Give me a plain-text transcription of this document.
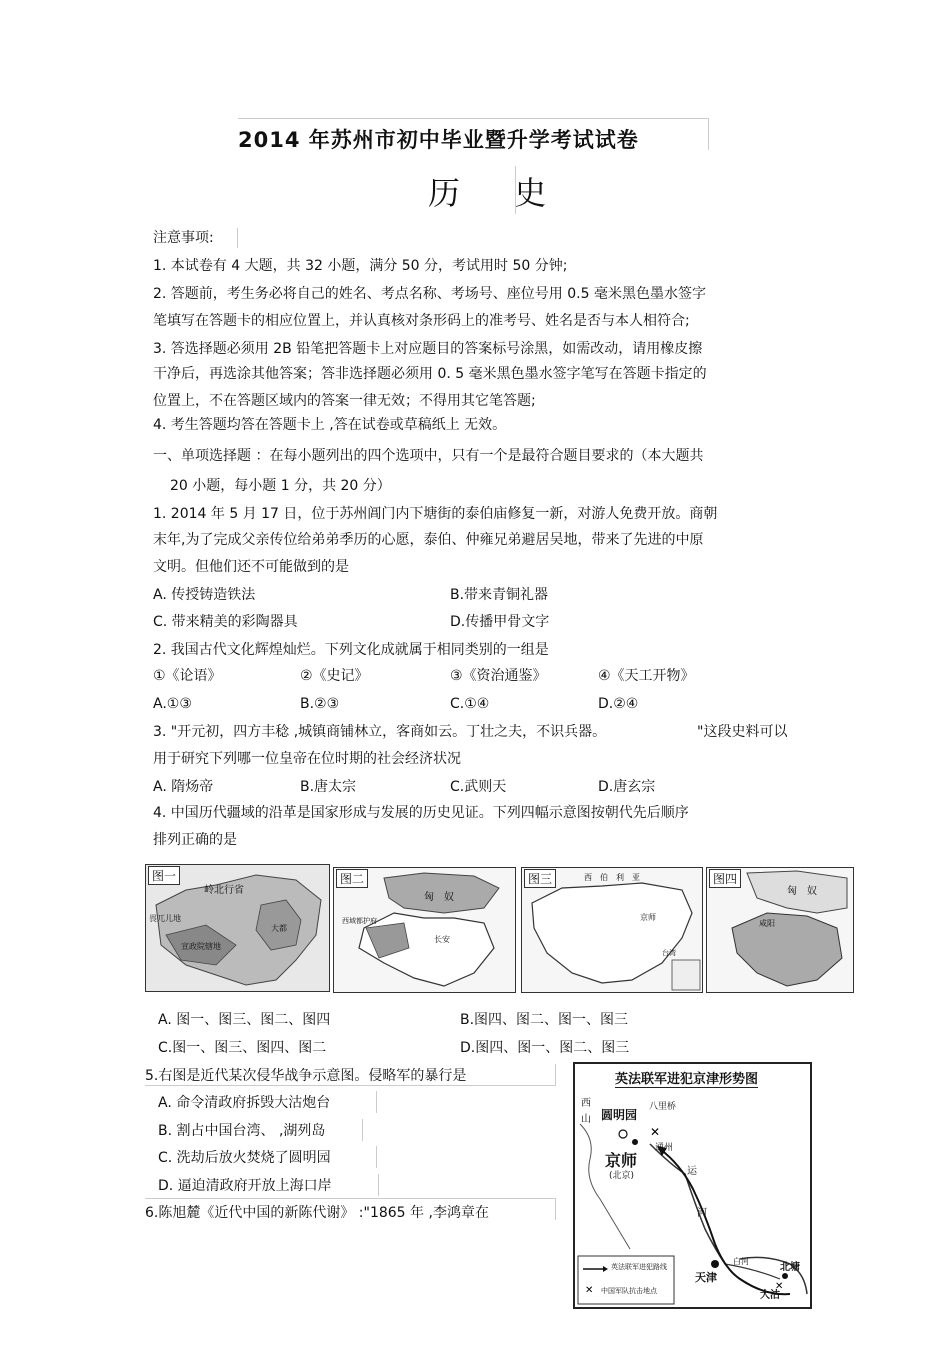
2014 年苏州市初中毕业暨升学考试试卷
历 史
注意事项:
1. 本试卷有 4 大题，共 32 小题，满分 50 分，考试用时 50 分钟;
2. 答题前，考生务必将自己的姓名、考点名称、考场号、座位号用 0.5 毫米黑色墨水签字
笔填写在答题卡的相应位置上，并认真核对条形码上的准考号、姓名是否与本人相符合;
3. 答选择题必须用 2B 铅笔把答题卡上对应题目的答案标号涂黑，如需改动，请用橡皮擦
干净后，再选涂其他答案；答非选择题必须用 0. 5 毫米黑色墨水签字笔写在答题卡指定的
位置上，不在答题区域内的答案一律无效；不得用其它笔答题;
4. 考生答题均答在答题卡上 ,答在试卷或草稿纸上 无效。
一、单项选择题 ：在每小题列出的四个选项中，只有一个是最符合题目要求的（本大题共
20 小题，每小题 1 分，共 20 分）
1. 2014 年 5 月 17 日，位于苏州阊门内下塘街的泰伯庙修复一新，对游人免费开放。商朝
末年,为了完成父亲传位给弟弟季历的心愿，泰伯、仲雍兄弟避居吴地，带来了先进的中原
文明。但他们还不可能做到的是
A. 传授铸造铁法	B.带来青铜礼器
C. 带来精美的彩陶器具	D.传播甲骨文字
2. 我国古代文化辉煌灿烂。下列文化成就属于相同类别的一组是
①《论语》	②《史记》	③《资治通鉴》	④《天工开物》
A.①③	B.②③	C.①④	D.②④
3. "开元初，四方丰稔 ,城镇商铺林立，客商如云。丁壮之夫，不识兵器。	"这段史料可以
用于研究下列哪一位皇帝在位时期的社会经济状况
A. 隋炀帝	B.唐太宗	C.武则天	D.唐玄宗
4. 中国历代疆域的沿革是国家形成与发展的历史见证。下列四幅示意图按朝代先后顺序
排列正确的是
图一
岭北行省
畏兀儿地
宣政院辖地
大都
图二
匈　奴
西域都护府
长安
图三	西　伯　利　亚
京师
台湾
图四
匈　奴
咸阳
A. 图一、图三、图二、图四	B.图四、图二、图一、图三
C.图一、图三、图四、图二	D.图四、图一、图二、图三
5.右图是近代某次侵华战争示意图。侵略军的暴行是
A. 命令清政府拆毁大沽炮台
B. 割占中国台湾、 ,湖列岛
C. 洗劫后放火焚烧了圆明园
D. 逼迫清政府开放上海口岸
6.陈旭麓《近代中国的新陈代谢》 :"1865 年 ,李鸿章在
✕
✕
✕
英法联军进犯京津形势图
西
山 圆明园
八里桥
通州
京师
(北京)	运
河
天津
白河
北塘
大沽
英法联军进犯路线
中国军队抗击地点
